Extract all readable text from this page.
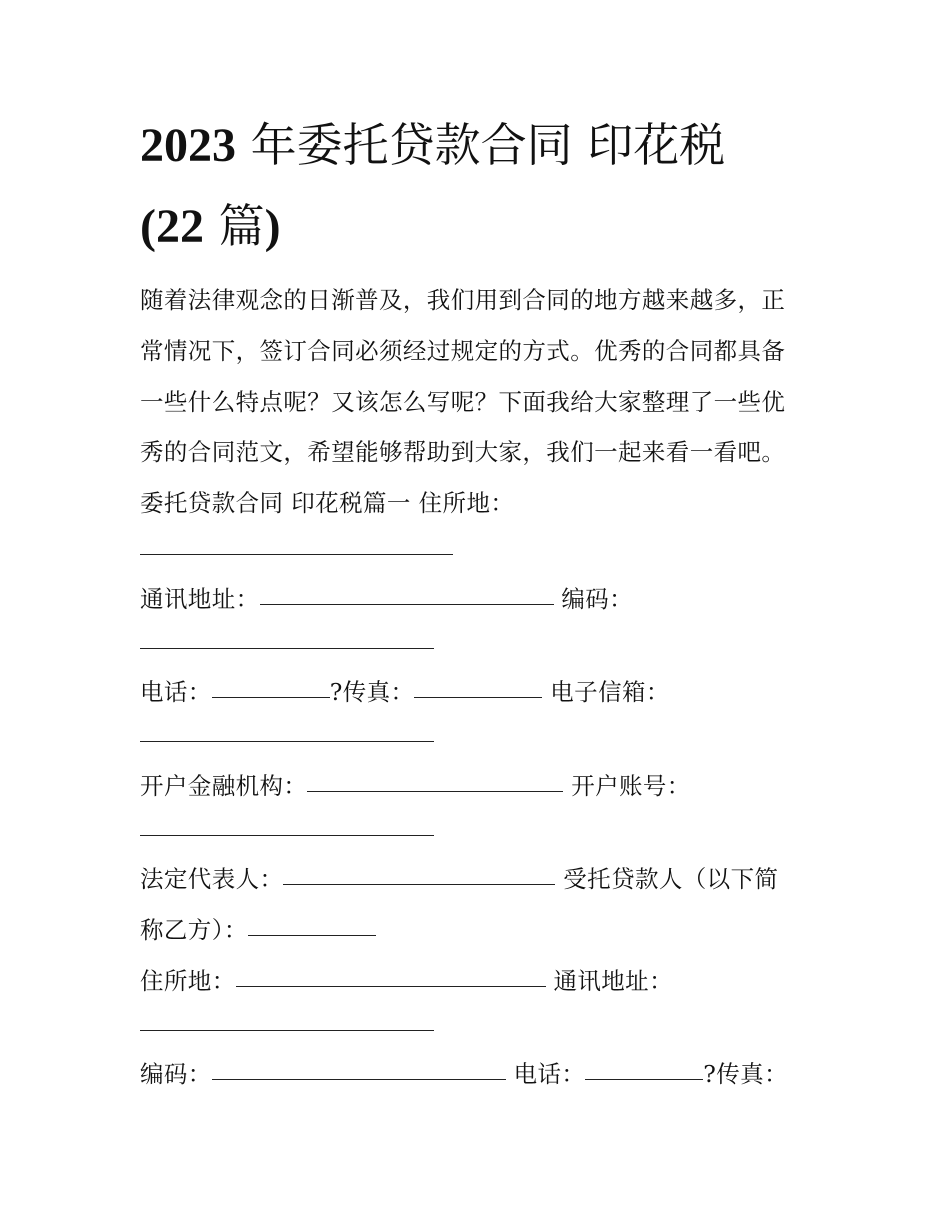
2023 年委托贷款合同 印花税
(22 篇)
随着法律观念的日渐普及，我们用到合同的地方越来越多，正
常情况下，签订合同必须经过规定的方式。优秀的合同都具备
一些什么特点呢？又该怎么写呢？下面我给大家整理了一些优
秀的合同范文，希望能够帮助到大家，我们一起来看一看吧。
委托贷款合同 印花税篇一 住所地：
通讯地址：	编码：
电话：	?传真：	电子信箱：
开户金融机构：	开户账号：
法定代表人：	受托贷款人（以下简
称乙方）：
住所地：	通讯地址：
编码：	电话：	?传真：
